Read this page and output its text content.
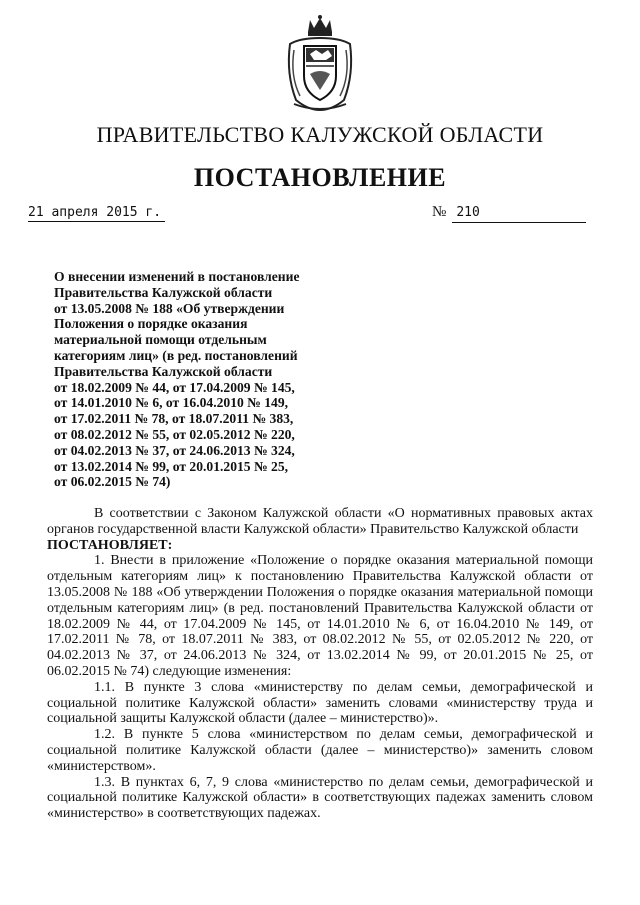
ПРАВИТЕЛЬСТВО КАЛУЖСКОЙ ОБЛАСТИ
ПОСТАНОВЛЕНИЕ
21 апреля 2015 г.	№ 210
О внесении изменений в постановление
Правительства Калужской области
от 13.05.2008 № 188 «Об утверждении
Положения о порядке оказания
материальной помощи отдельным
категориям лиц» (в ред. постановлений
Правительства Калужской области
от 18.02.2009 № 44, от 17.04.2009 № 145,
от 14.01.2010 № 6, от 16.04.2010 № 149,
от 17.02.2011 № 78, от 18.07.2011 № 383,
от 08.02.2012 № 55, от 02.05.2012 № 220,
от 04.02.2013 № 37, от 24.06.2013 № 324,
от 13.02.2014 № 99, от 20.01.2015 № 25,
от 06.02.2015 № 74)

В соответствии с Законом Калужской области «О нормативных правовых актах органов государственной власти Калужской области» Правительство Калужской области

ПОСТАНОВЛЯЕТ:

1. Внести в приложение «Положение о порядке оказания материальной помощи отдельным категориям лиц» к постановлению Правительства Калужской области от 13.05.2008 № 188 «Об утверждении Положения о порядке оказания материальной помощи отдельным категориям лиц» (в ред. постановлений Правительства Калужской области от 18.02.2009 № 44, от 17.04.2009 № 145, от 14.01.2010 № 6, от 16.04.2010 № 149, от 17.02.2011 № 78, от 18.07.2011 № 383, от 08.02.2012 № 55, от 02.05.2012 № 220, от 04.02.2013 № 37, от 24.06.2013 № 324, от 13.02.2014 № 99, от 20.01.2015 № 25, от 06.02.2015 № 74) следующие изменения:

1.1. В пункте 3 слова «министерству по делам семьи, демографической и социальной политике Калужской области» заменить словами «министерству труда и социальной защиты Калужской области (далее – министерство)».

1.2. В пункте 5 слова «министерством по делам семьи, демографической и социальной политике Калужской области (далее – министерство)» заменить словом «министерством».

1.3. В пунктах 6, 7, 9 слова «министерство по делам семьи, демографической и социальной политике Калужской области» в соответствующих падежах заменить словом «министерство» в соответствующих падежах.
